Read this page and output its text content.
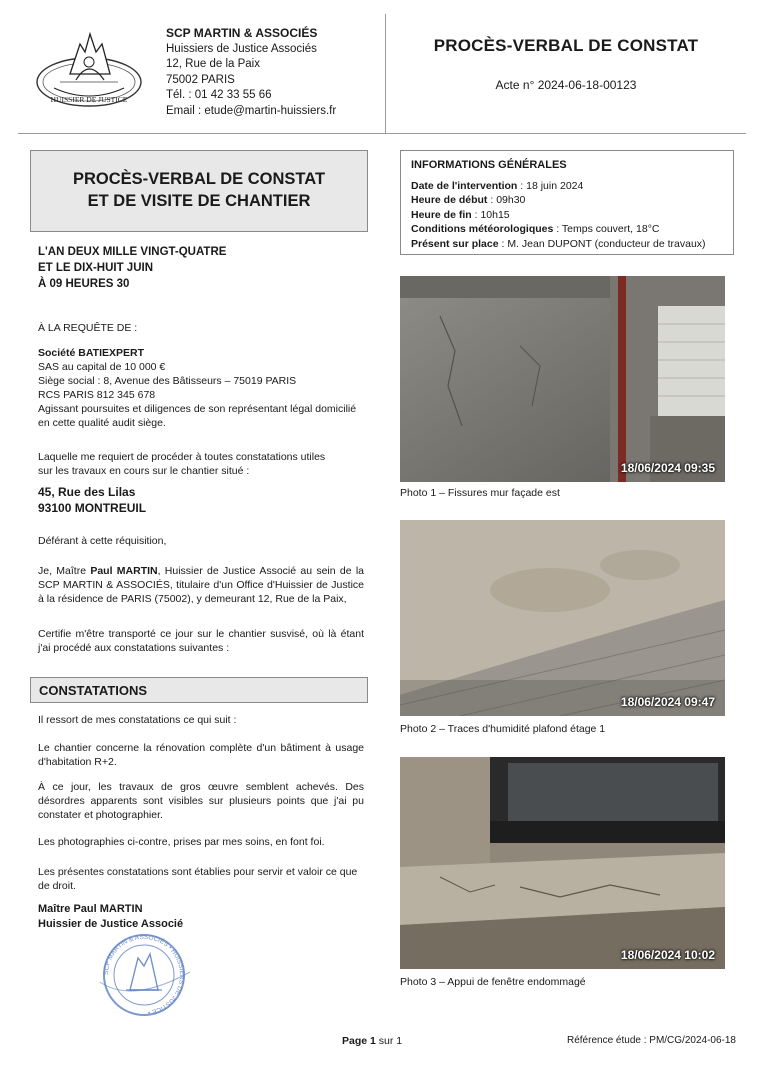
HUISSIER DE JUSTICE
SCP MARTIN & ASSOCIÉS
Huissiers de Justice Associés
12, Rue de la Paix
75002 PARIS
Tél. : 01 42 33 55 66
Email : etude@martin-huissiers.fr
PROCÈS-VERBAL DE CONSTAT
Acte n° 2024-06-18-00123
PROCÈS-VERBAL DE CONSTAT
ET DE VISITE DE CHANTIER
L'AN DEUX MILLE VINGT-QUATRE
ET LE DIX-HUIT JUIN
À 09 HEURES 30
À LA REQUÊTE DE :
Société BATIEXPERT
SAS au capital de 10 000 €
Siège social : 8, Avenue des Bâtisseurs – 75019 PARIS
RCS PARIS 812 345 678
Agissant poursuites et diligences de son représentant légal domicilié en cette qualité audit siège.
Laquelle me requiert de procéder à toutes constatations utiles sur les travaux en cours sur le chantier situé :
45, Rue des Lilas
93100 MONTREUIL
Déférant à cette réquisition,
Je, Maître Paul MARTIN, Huissier de Justice Associé au sein de la SCP MARTIN & ASSOCIÉS, titulaire d'un Office d'Huissier de Justice à la résidence de PARIS (75002), y demeurant 12, Rue de la Paix,
Certifie m'être transporté ce jour sur le chantier susvisé, où là étant j'ai procédé aux constatations suivantes :
CONSTATATIONS
Il ressort de mes constatations ce qui suit :
Le chantier concerne la rénovation complète d'un bâtiment à usage d'habitation R+2.
À ce jour, les travaux de gros œuvre semblent achevés. Des désordres apparents sont visibles sur plusieurs points que j'ai pu constater et photographier.
Les photographies ci-contre, prises par mes soins, en font foi.
Les présentes constatations sont établies pour servir et valoir ce que de droit.
Maître Paul MARTIN
Huissier de Justice Associé
SCP MARTIN & ASSOCIÉS • HUISSIERS DE JUSTICE •
INFORMATIONS GÉNÉRALES
Date de l'intervention : 18 juin 2024
Heure de début : 09h30
Heure de fin : 10h15
Conditions météorologiques : Temps couvert, 18°C
Présent sur place : M. Jean DUPONT (conducteur de travaux)
18/06/2024 09:35
Photo 1 – Fissures mur façade est
18/06/2024 09:47
Photo 2 – Traces d'humidité plafond étage 1
18/06/2024 10:02
Photo 3 – Appui de fenêtre endommagé
Page 1 sur 1	Référence étude : PM/CG/2024-06-18
